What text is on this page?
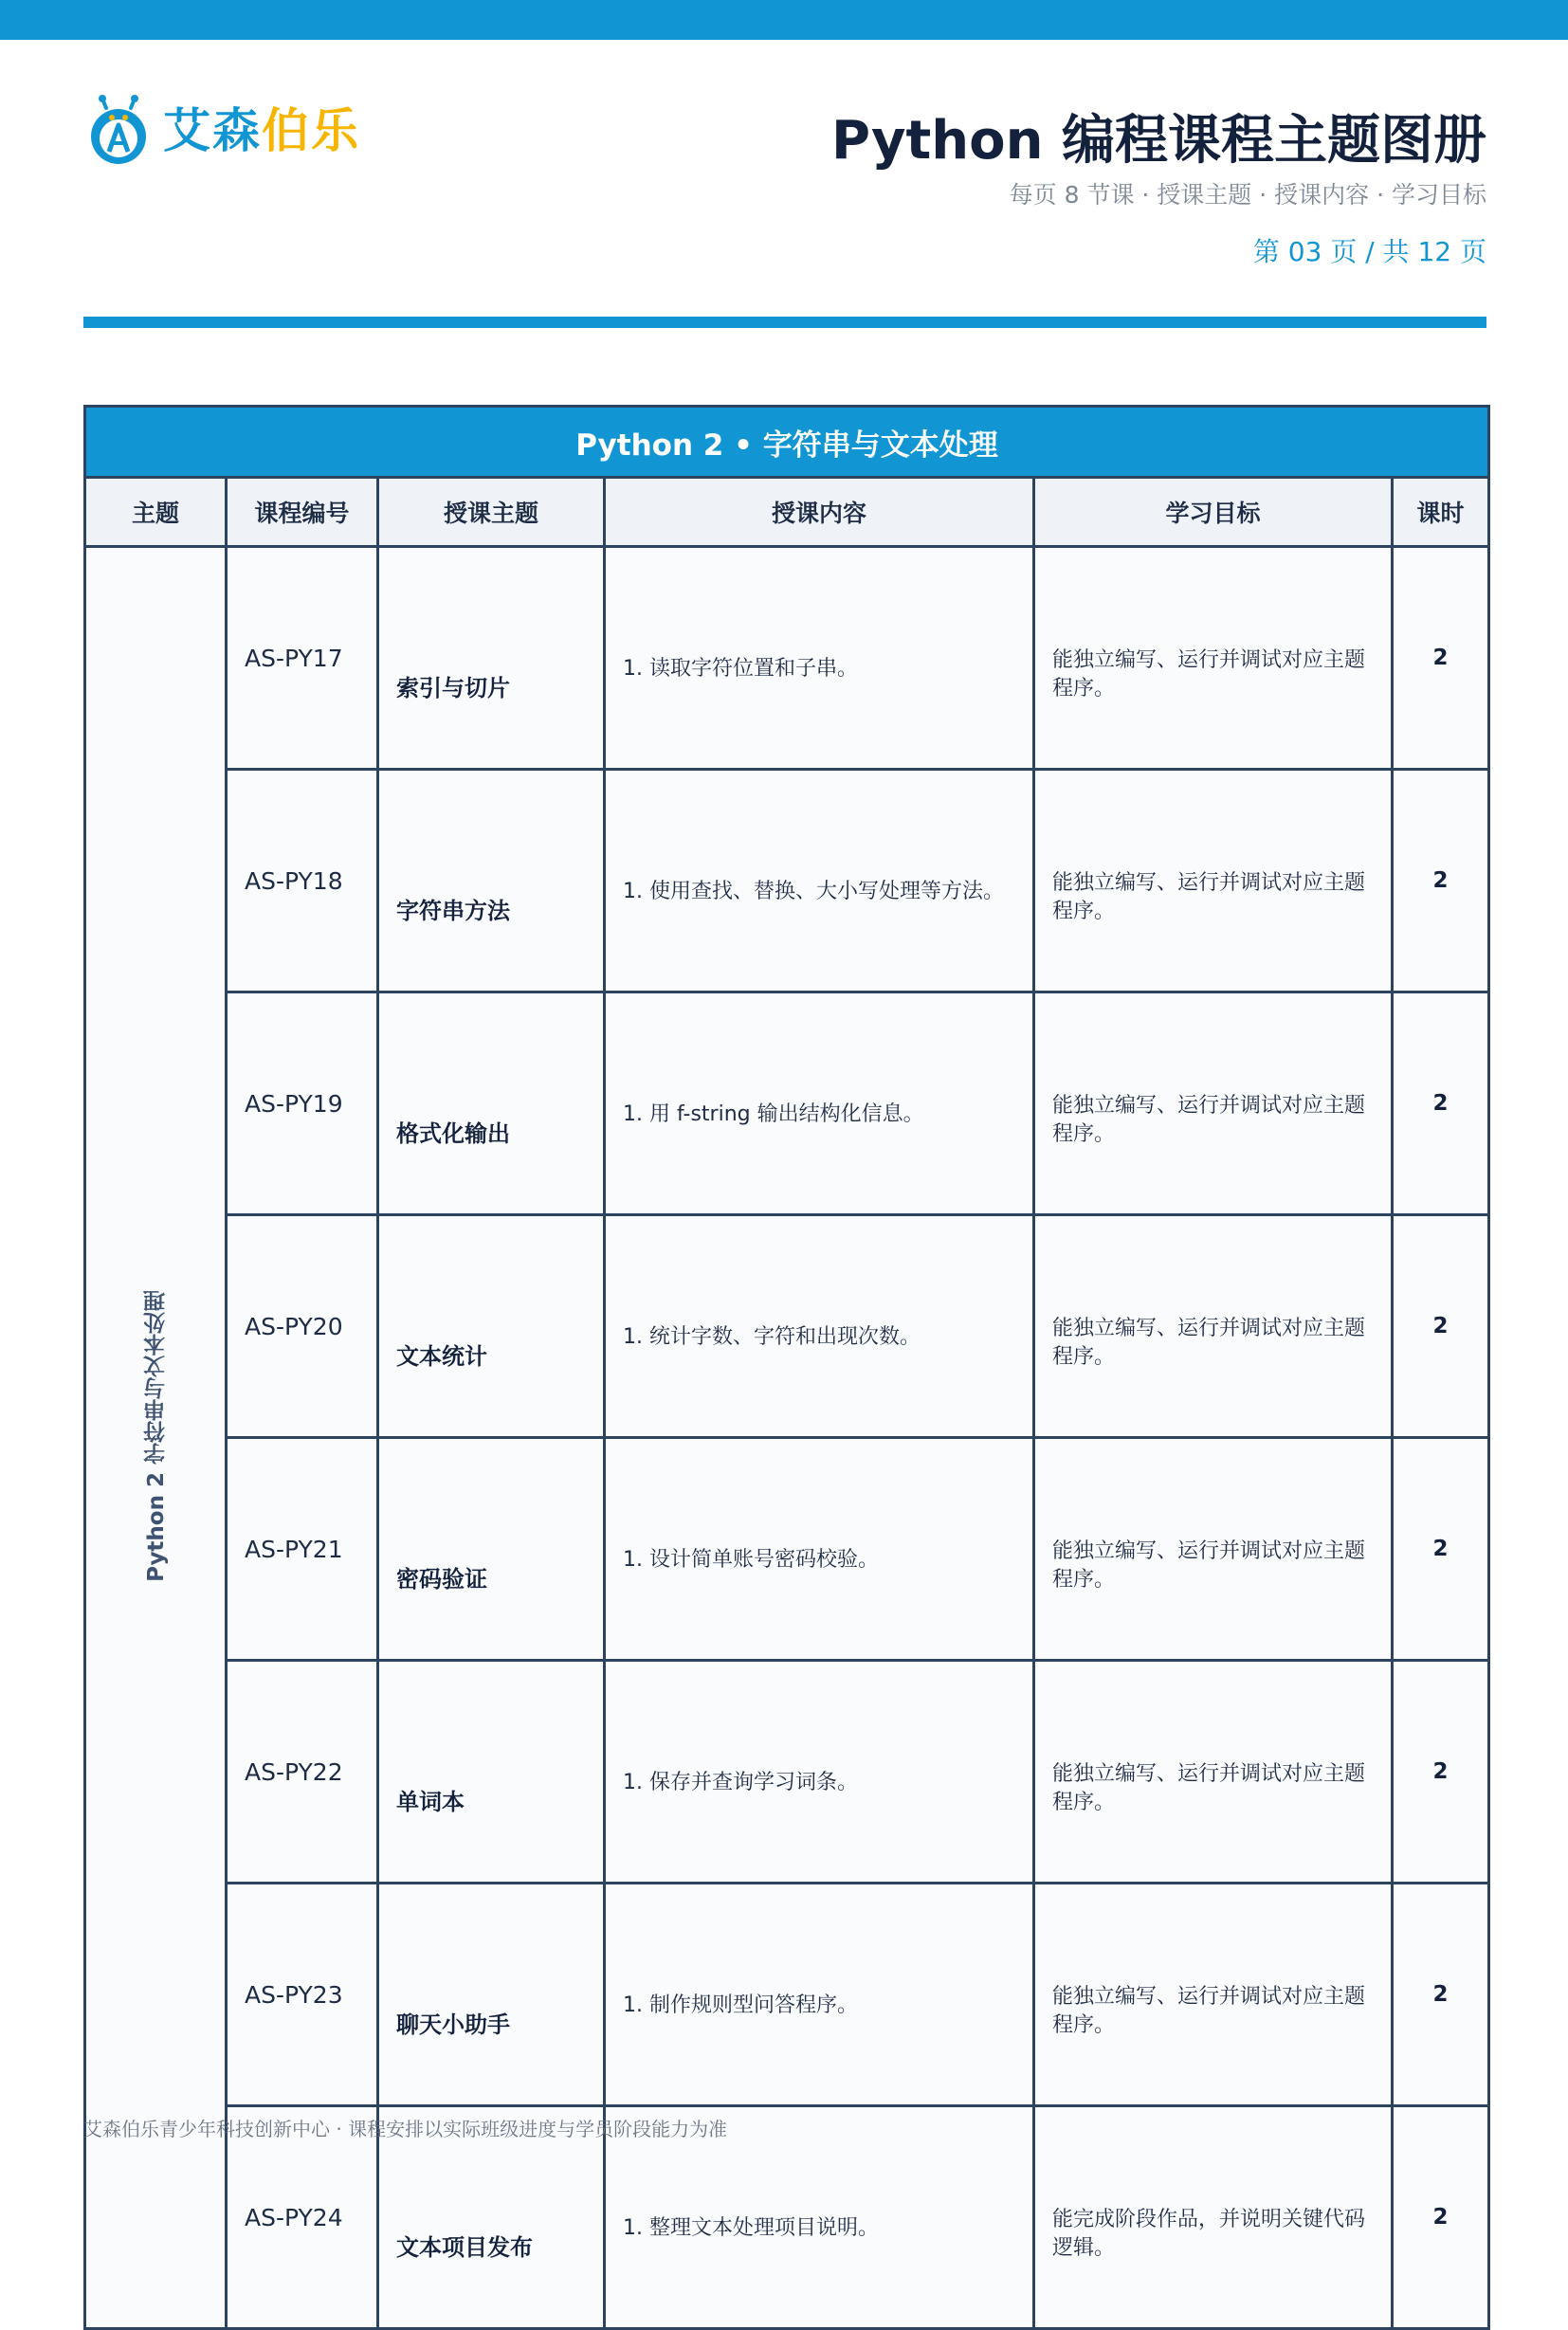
艾森伯乐	Python 编程课程主题图册
每页 8 节课 · 授课主题 · 授课内容 · 学习目标
第 03 页 / 共 12 页
Python 2 • 字符串与文本处理					
主题	课程编号	授课主题	授课内容	学习目标	课时
Python 2 字符串与文本处理	AS-PY17	索引与切片	1. 读取字符位置和子串。	能独立编写、运行并调试对应主题程序。	2
	AS-PY18	字符串方法	1. 使用查找、替换、大小写处理等方法。	能独立编写、运行并调试对应主题程序。	2
	AS-PY19	格式化输出	1. 用 f-string 输出结构化信息。	能独立编写、运行并调试对应主题程序。	2
	AS-PY20	文本统计	1. 统计字数、字符和出现次数。	能独立编写、运行并调试对应主题程序。	2
	AS-PY21	密码验证	1. 设计简单账号密码校验。	能独立编写、运行并调试对应主题程序。	2
	AS-PY22	单词本	1. 保存并查询学习词条。	能独立编写、运行并调试对应主题程序。	2
	AS-PY23	聊天小助手	1. 制作规则型问答程序。	能独立编写、运行并调试对应主题程序。	2
	AS-PY24	文本项目发布	1. 整理文本处理项目说明。	能完成阶段作品，并说明关键代码逻辑。	2
艾森伯乐青少年科技创新中心 · 课程安排以实际班级进度与学员阶段能力为准
